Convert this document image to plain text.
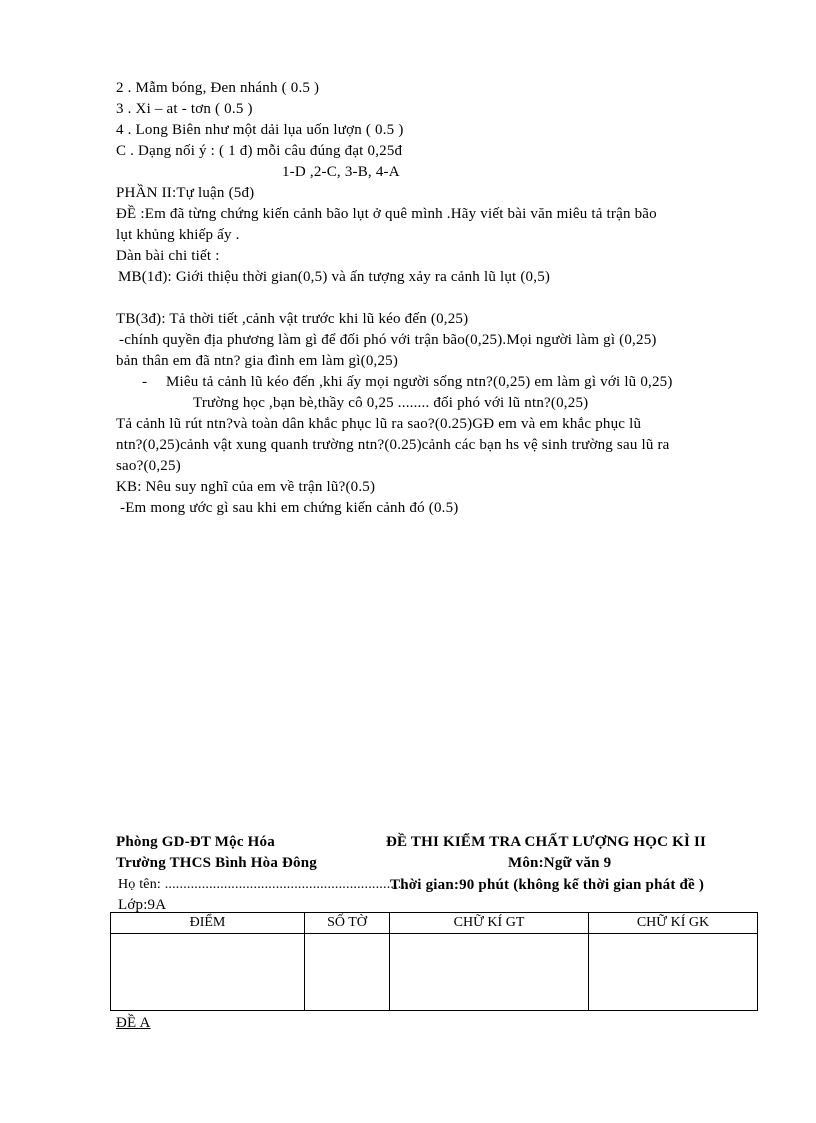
2 . Mẫm bóng, Đen nhánh ( 0.5 )
3 . Xi – at - tơn ( 0.5 )
4 . Long Biên như một dải lụa uốn lượn ( 0.5 )
C . Dạng nối ý : ( 1 đ) mỗi câu đúng đạt 0,25đ
1-D ,2-C, 3-B, 4-A
PHẦN II:Tự luận (5đ)
ĐỀ :Em đã từng chứng kiến cảnh bão lụt ở quê mình .Hãy viết bài văn miêu tả trận bão
lụt khủng khiếp ấy .
Dàn bài chi tiết :
MB(1đ): Giới thiệu thời gian(0,5) và ấn tượng xảy ra cảnh lũ lụt (0,5)
TB(3đ): Tả thời tiết ,cảnh vật trước khi lũ kéo đến (0,25)
-chính quyền địa phương làm gì để đối phó với trận bão(0,25).Mọi người làm gì (0,25)
bản thân em đã ntn? gia đình em làm gì(0,25)
- Miêu tả cảnh lũ kéo đến ,khi ấy mọi người sống ntn?(0,25) em làm gì với lũ 0,25)
Trường học ,bạn bè,thầy cô 0,25 ........ đối phó với lũ ntn?(0,25)
Tả cảnh lũ rút ntn?và toàn dân khắc phục lũ ra sao?(0.25)GĐ em và em khắc phục lũ
ntn?(0,25)cảnh vật xung quanh trường ntn?(0.25)cảnh các bạn hs vệ sinh trường sau lũ ra
sao?(0,25)
KB: Nêu suy nghĩ của em về trận lũ?(0.5)
-Em mong ước gì sau khi em chứng kiến cảnh đó (0.5)
Phòng GD-ĐT Mộc Hóa	ĐỀ THI KIỂM TRA CHẤT LƯỢNG HỌC KÌ II
Trường THCS Bình Hòa Đông	Môn:Ngữ văn 9
Họ tên: ...................................................................
Thời gian:90 phút (không kể thời gian phát đề )
Lớp:9A
ĐIỂM	SỐ TỜ	CHỮ KÍ GT	CHỮ KÍ GK

ĐỀ A
